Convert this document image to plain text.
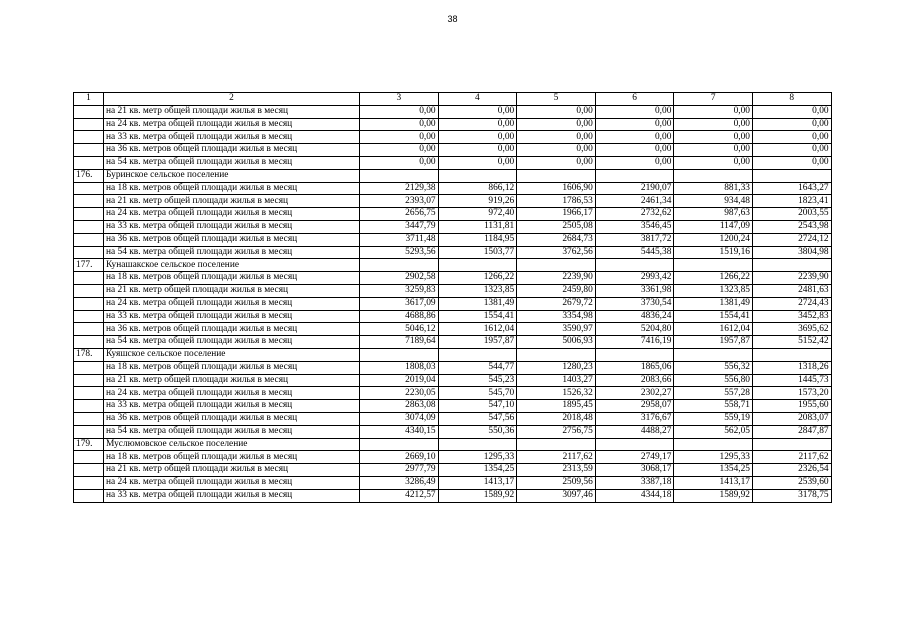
38
1	2	3	4	5	6	7	8
	на 21 кв. метр общей площади жилья в месяц	0,00	0,00	0,00	0,00	0,00	0,00
	на 24 кв. метра общей площади жилья в месяц	0,00	0,00	0,00	0,00	0,00	0,00
	на 33 кв. метра общей площади жилья в месяц	0,00	0,00	0,00	0,00	0,00	0,00
	на 36 кв. метров общей площади жилья в месяц	0,00	0,00	0,00	0,00	0,00	0,00
	на 54 кв. метра общей площади жилья в месяц	0,00	0,00	0,00	0,00	0,00	0,00
176.	Буринское сельское поселение						
	на 18 кв. метров общей площади жилья в месяц	2129,38	866,12	1606,90	2190,07	881,33	1643,27
	на 21 кв. метр общей площади жилья в месяц	2393,07	919,26	1786,53	2461,34	934,48	1823,41
	на 24 кв. метра общей площади жилья в месяц	2656,75	972,40	1966,17	2732,62	987,63	2003,55
	на 33 кв. метра общей площади жилья в месяц	3447,79	1131,81	2505,08	3546,45	1147,09	2543,98
	на 36 кв. метров общей площади жилья в месяц	3711,48	1184,95	2684,73	3817,72	1200,24	2724,12
	на 54 кв. метра общей площади жилья в месяц	5293,56	1503,77	3762,56	5445,38	1519,16	3804,98
177.	Кунашакское сельское поселение						
	на 18 кв. метров общей площади жилья в месяц	2902,58	1266,22	2239,90	2993,42	1266,22	2239,90
	на 21 кв. метр общей площади жилья в месяц	3259,83	1323,85	2459,80	3361,98	1323,85	2481,63
	на 24 кв. метра общей площади жилья в месяц	3617,09	1381,49	2679,72	3730,54	1381,49	2724,43
	на 33 кв. метра общей площади жилья в месяц	4688,86	1554,41	3354,98	4836,24	1554,41	3452,83
	на 36 кв. метров общей площади жилья в месяц	5046,12	1612,04	3590,97	5204,80	1612,04	3695,62
	на 54 кв. метра общей площади жилья в месяц	7189,64	1957,87	5006,93	7416,19	1957,87	5152,42
178.	Куяшское сельское поселение						
	на 18 кв. метров общей площади жилья в месяц	1808,03	544,77	1280,23	1865,06	556,32	1318,26
	на 21 кв. метр общей площади жилья в месяц	2019,04	545,23	1403,27	2083,66	556,80	1445,73
	на 24 кв. метра общей площади жилья в месяц	2230,05	545,70	1526,32	2302,27	557,28	1573,20
	на 33 кв. метра общей площади жилья в месяц	2863,08	547,10	1895,45	2958,07	558,71	1955,60
	на 36 кв. метров общей площади жилья в месяц	3074,09	547,56	2018,48	3176,67	559,19	2083,07
	на 54 кв. метра общей площади жилья в месяц	4340,15	550,36	2756,75	4488,27	562,05	2847,87
179.	Муслюмовское сельское поселение						
	на 18 кв. метров общей площади жилья в месяц	2669,10	1295,33	2117,62	2749,17	1295,33	2117,62
	на 21 кв. метр общей площади жилья в месяц	2977,79	1354,25	2313,59	3068,17	1354,25	2326,54
	на 24 кв. метра общей площади жилья в месяц	3286,49	1413,17	2509,56	3387,18	1413,17	2539,60
	на 33 кв. метра общей площади жилья в месяц	4212,57	1589,92	3097,46	4344,18	1589,92	3178,75
